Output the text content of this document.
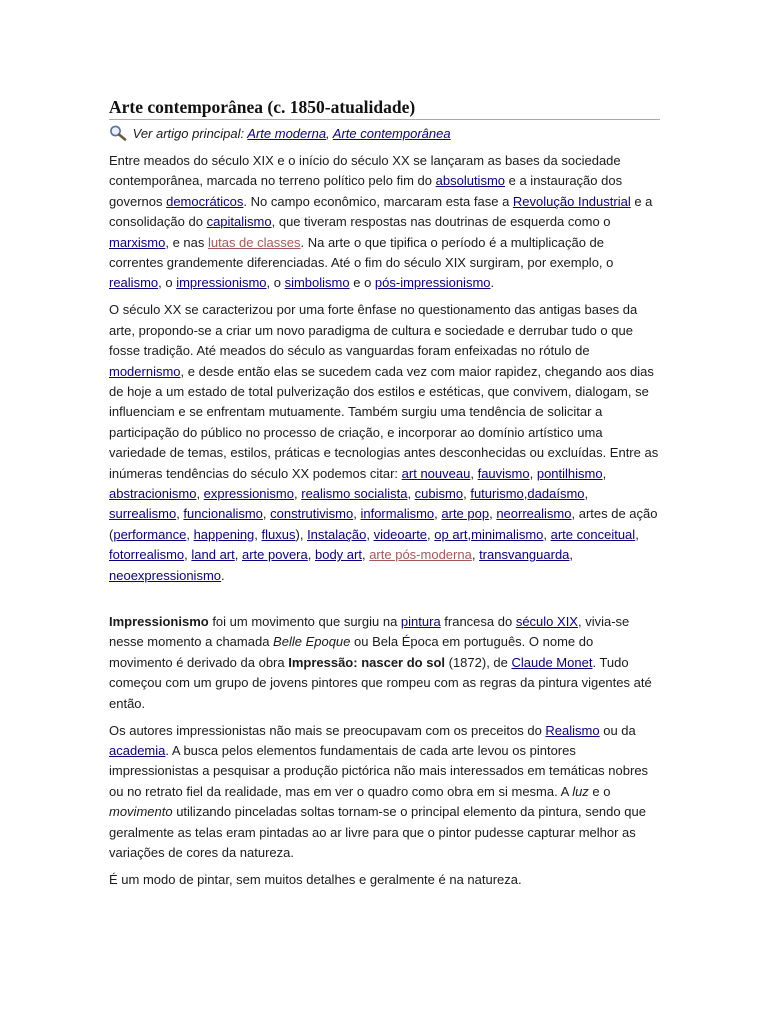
Arte contemporânea (c. 1850-atualidade)
Ver artigo principal: Arte moderna, Arte contemporânea

Entre meados do século XIX e o início do século XX se lançaram as bases da sociedade contemporânea, marcada no terreno político pelo fim do absolutismo e a instauração dos governos democráticos. No campo econômico, marcaram esta fase a Revolução Industrial e a consolidação do capitalismo, que tiveram respostas nas doutrinas de esquerda como o marxismo, e nas lutas de classes. Na arte o que tipifica o período é a multiplicação de correntes grandemente diferenciadas. Até o fim do século XIX surgiram, por exemplo, o realismo, o impressionismo, o simbolismo e o pós-impressionismo.

O século XX se caracterizou por uma forte ênfase no questionamento das antigas bases da arte, propondo-se a criar um novo paradigma de cultura e sociedade e derrubar tudo o que fosse tradição. Até meados do século as vanguardas foram enfeixadas no rótulo de modernismo, e desde então elas se sucedem cada vez com maior rapidez, chegando aos dias de hoje a um estado de total pulverização dos estilos e estéticas, que convivem, dialogam, se influenciam e se enfrentam mutuamente. Também surgiu uma tendência de solicitar a participação do público no processo de criação, e incorporar ao domínio artístico uma variedade de temas, estilos, práticas e tecnologias antes desconhecidas ou excluídas. Entre as inúmeras tendências do século XX podemos citar: art nouveau, fauvismo, pontilhismo, abstracionismo, expressionismo, realismo socialista, cubismo, futurismo,dadaísmo, surrealismo, funcionalismo, construtivismo, informalismo, arte pop, neorrealismo, artes de ação (performance, happening, fluxus), Instalação, videoarte, op art,minimalismo, arte conceitual, fotorrealismo, land art, arte povera, body art, arte pós-moderna, transvanguarda, neoexpressionismo.

Impressionismo foi um movimento que surgiu na pintura francesa do século XIX, vivia-se nesse momento a chamada Belle Epoque ou Bela Época em português. O nome do movimento é derivado da obra Impressão: nascer do sol (1872), de Claude Monet. Tudo começou com um grupo de jovens pintores que rompeu com as regras da pintura vigentes até então.

Os autores impressionistas não mais se preocupavam com os preceitos do Realismo ou da academia. A busca pelos elementos fundamentais de cada arte levou os pintores impressionistas a pesquisar a produção pictórica não mais interessados em temáticas nobres ou no retrato fiel da realidade, mas em ver o quadro como obra em si mesma. A luz e o movimento utilizando pinceladas soltas tornam-se o principal elemento da pintura, sendo que geralmente as telas eram pintadas ao ar livre para que o pintor pudesse capturar melhor as variações de cores da natureza.

É um modo de pintar, sem muitos detalhes e geralmente é na natureza.
